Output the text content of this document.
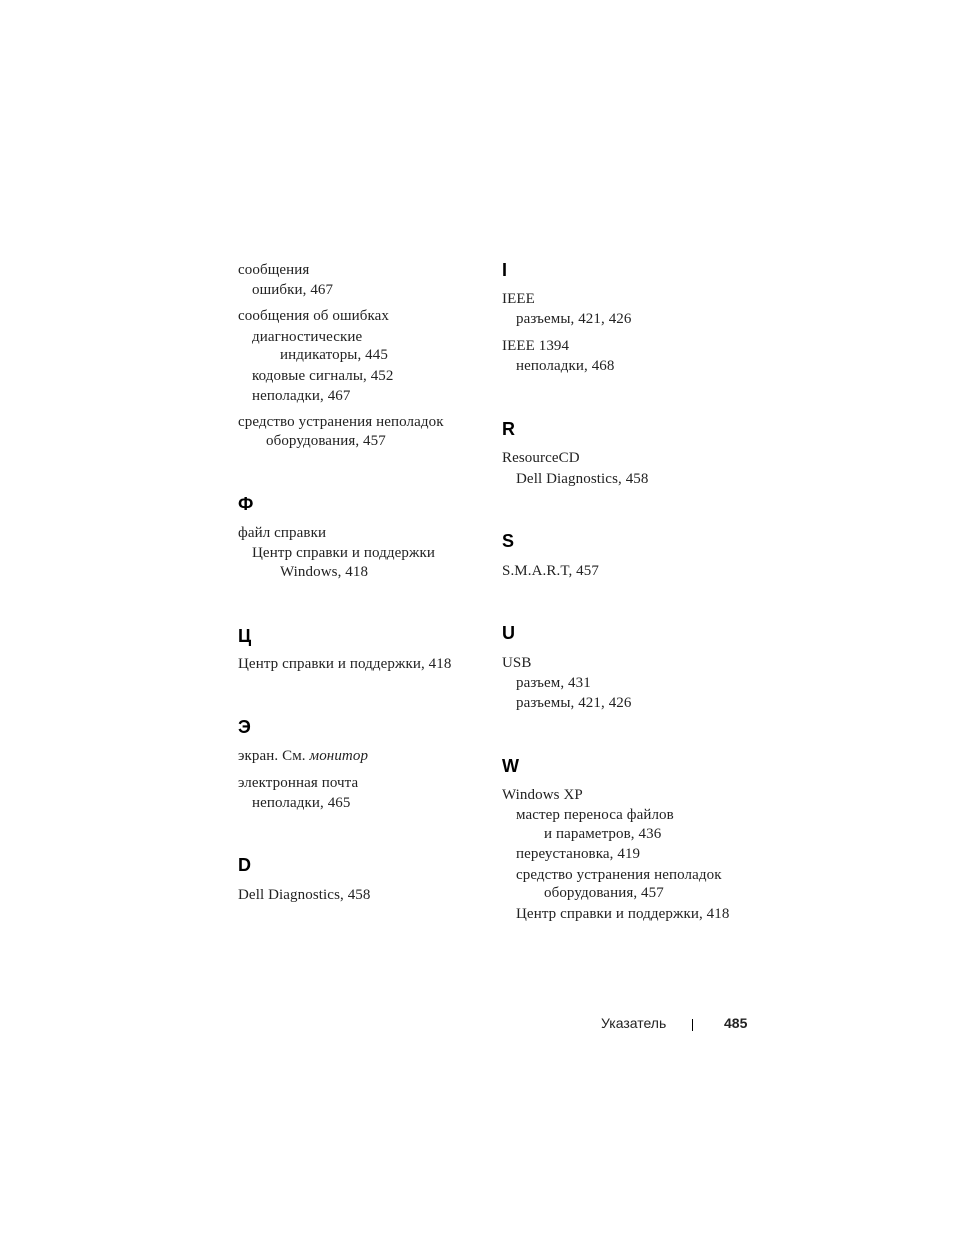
сообщения
ошибки, 467
сообщения об ошибках
диагностические
индикаторы, 445
кодовые сигналы, 452
неполадки, 467
средство устранения неполадок
оборудования, 457
Ф
файл справки
Центр справки и поддержки
Windows, 418
Ц
Центр справки и поддержки, 418
Э
экран. См. монитор
электронная почта
неполадки, 465
D
Dell Diagnostics, 458
I
IEEE
разъемы, 421, 426
IEEE 1394
неполадки, 468
R
ResourceCD
Dell Diagnostics, 458
S
S.M.A.R.T, 457
U
USB
разъем, 431
разъемы, 421, 426
W
Windows XP
мастер переноса файлов
и параметров, 436
переустановка, 419
средство устранения неполадок
оборудования, 457
Центр справки и поддержки, 418
Указатель	485
